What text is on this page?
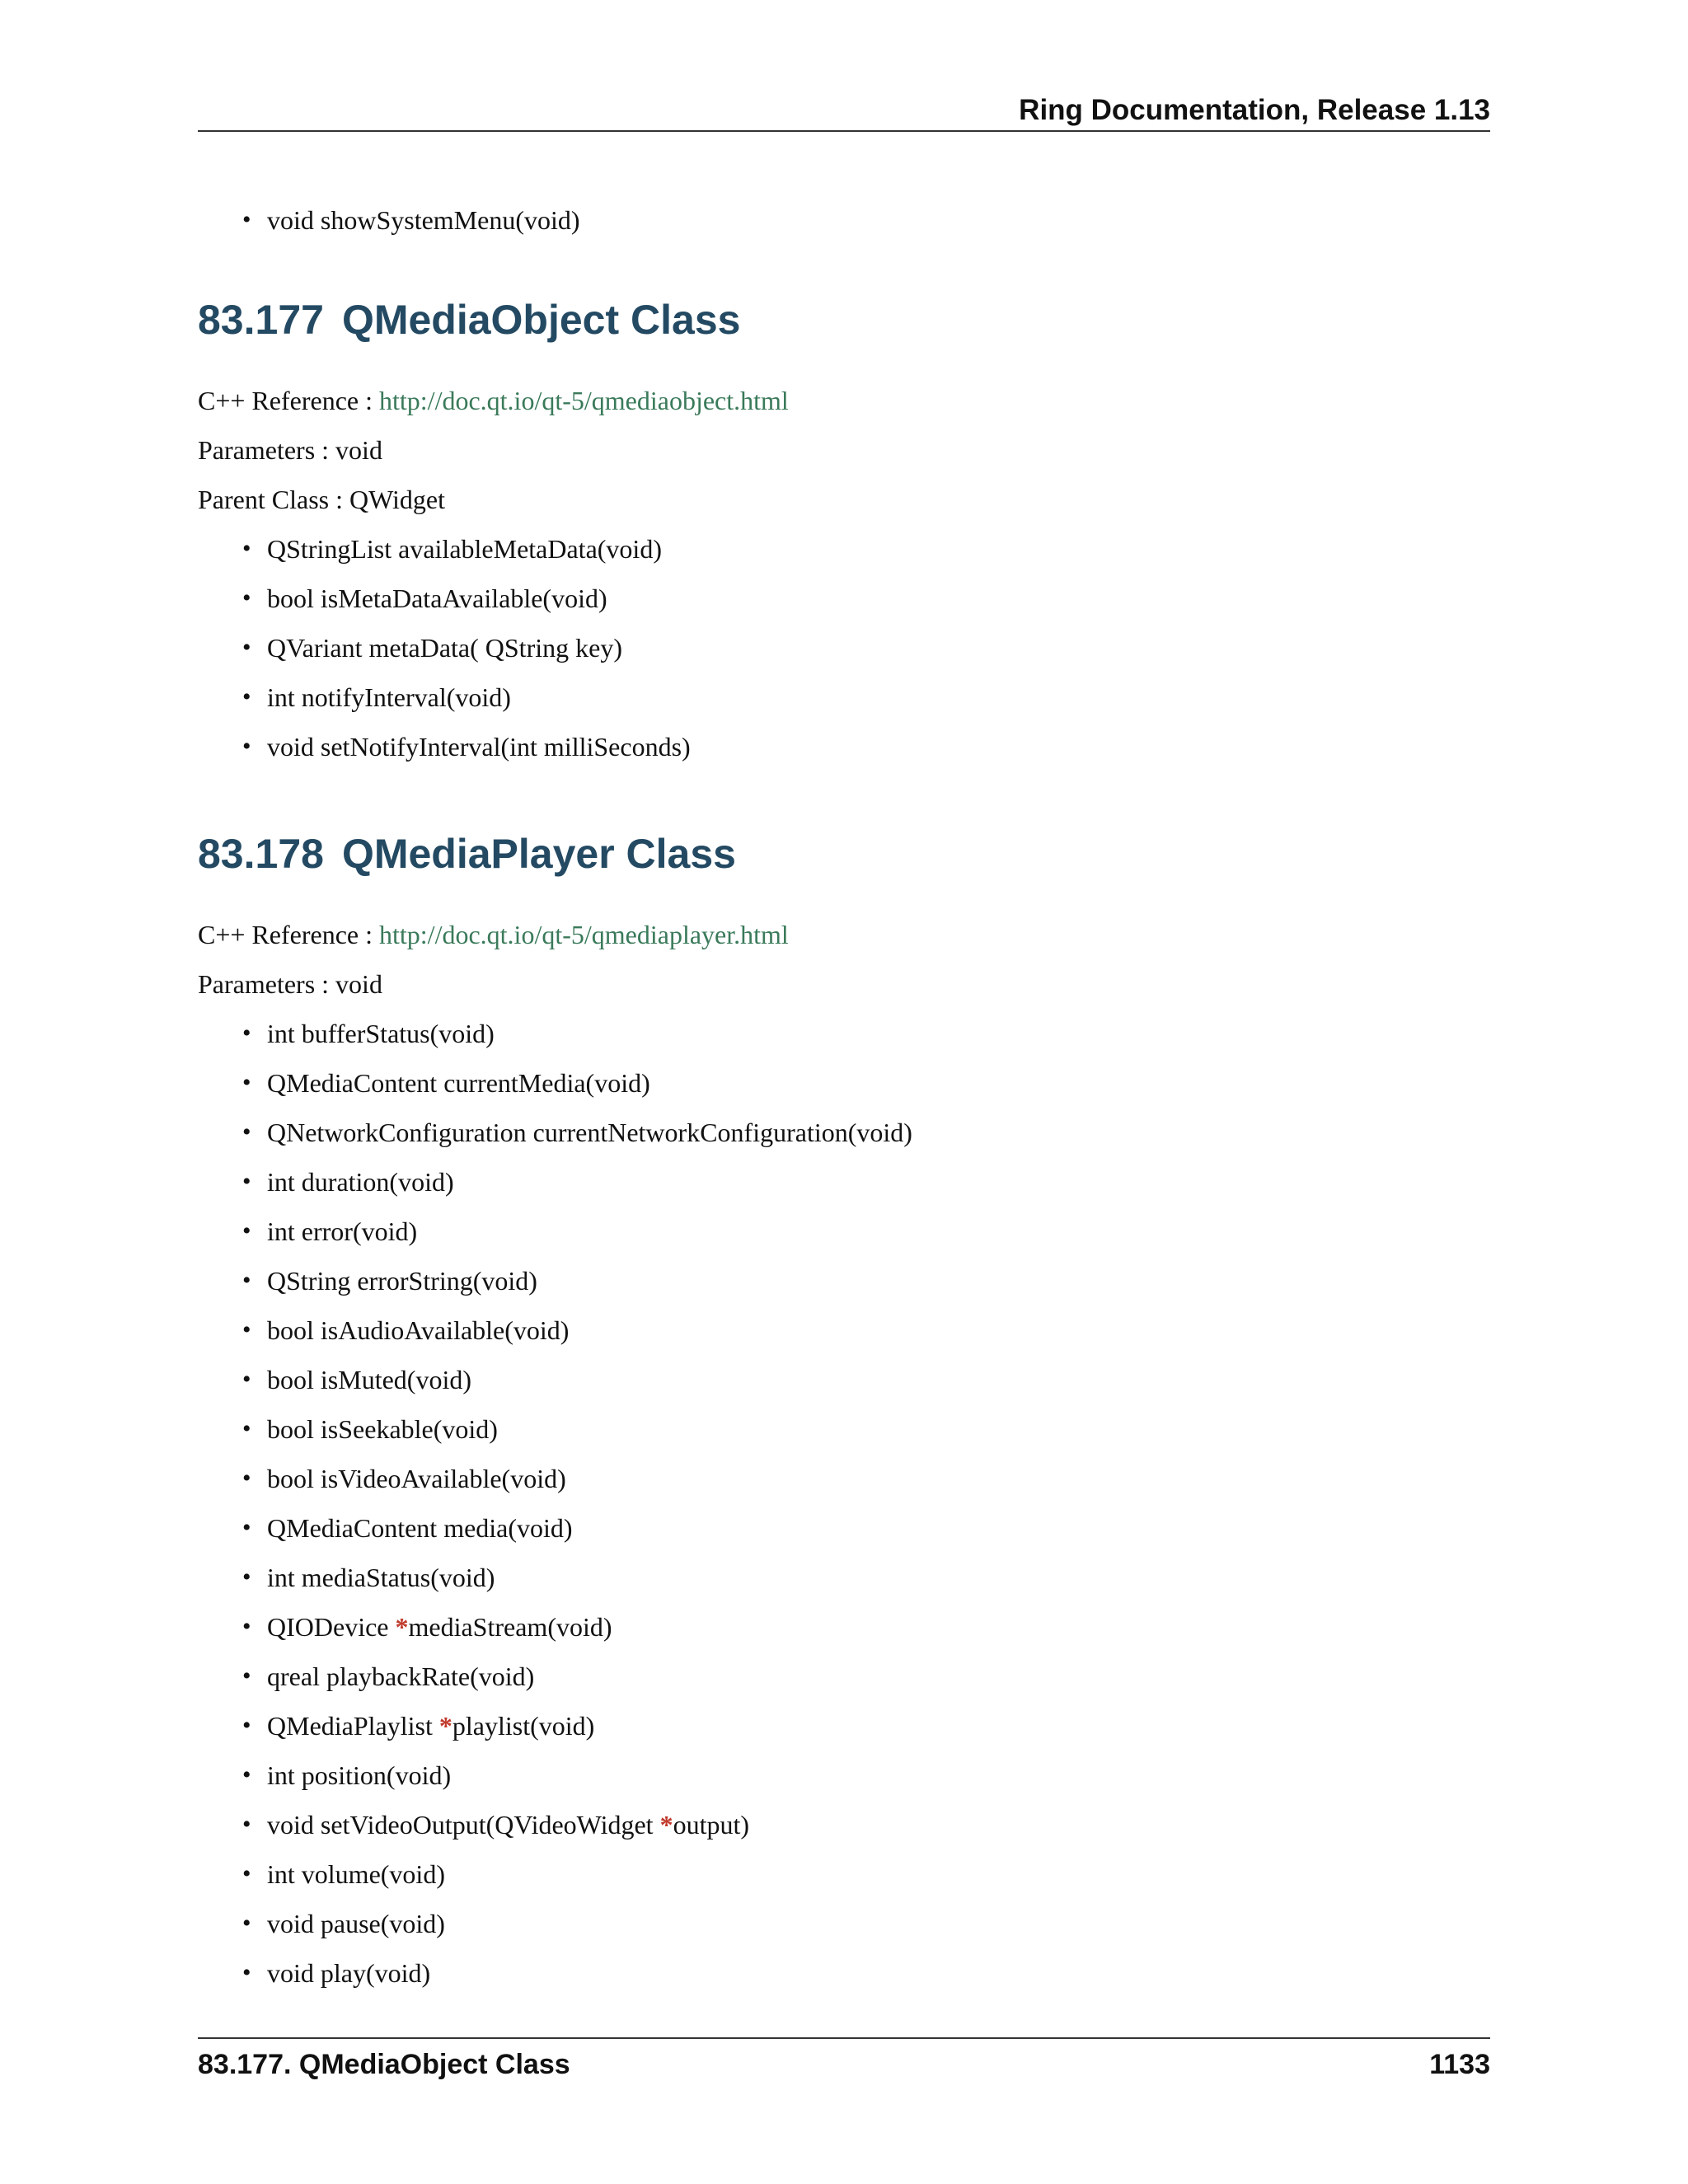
Ring Documentation, Release 1.13
• void showSystemMenu(void)
83.177 QMediaObject Class
C++ Reference : http://doc.qt.io/qt-5/qmediaobject.html
Parameters : void
Parent Class : QWidget
• QStringList availableMetaData(void)
• bool isMetaDataAvailable(void)
• QVariant metaData( QString key)
• int notifyInterval(void)
• void setNotifyInterval(int milliSeconds)
83.178 QMediaPlayer Class
C++ Reference : http://doc.qt.io/qt-5/qmediaplayer.html
Parameters : void
• int bufferStatus(void)
• QMediaContent currentMedia(void)
• QNetworkConfiguration currentNetworkConfiguration(void)
• int duration(void)
• int error(void)
• QString errorString(void)
• bool isAudioAvailable(void)
• bool isMuted(void)
• bool isSeekable(void)
• bool isVideoAvailable(void)
• QMediaContent media(void)
• int mediaStatus(void)
• QIODevice *mediaStream(void)
• qreal playbackRate(void)
• QMediaPlaylist *playlist(void)
• int position(void)
• void setVideoOutput(QVideoWidget *output)
• int volume(void)
• void pause(void)
• void play(void)
83.177. QMediaObject Class	1133
